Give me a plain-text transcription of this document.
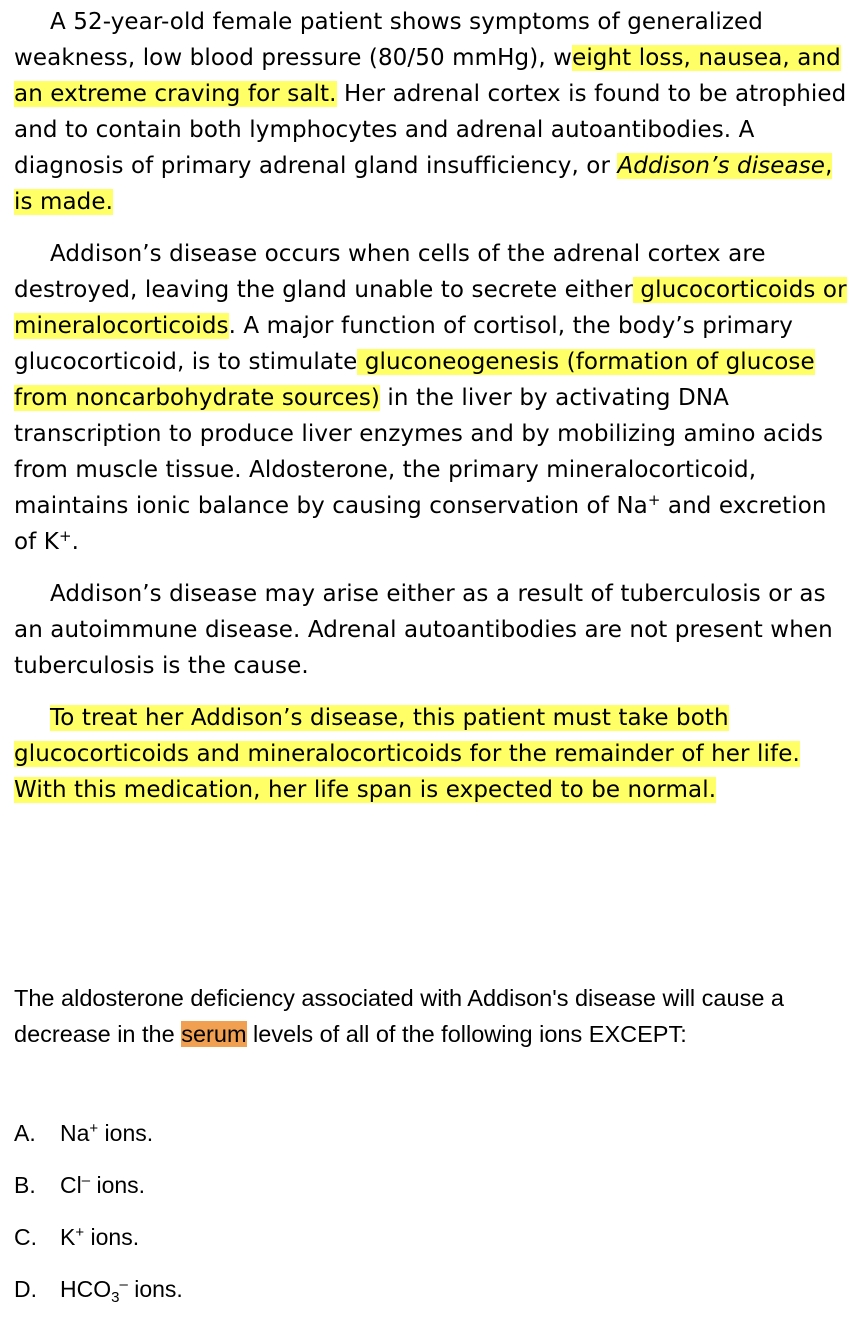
A 52-year-old female patient shows symptoms of generalized weakness, low blood pressure (80/50 mmHg), weight loss, nausea, and an extreme craving for salt. Her adrenal cortex is found to be atrophied and to contain both lymphocytes and adrenal autoantibodies. A diagnosis of primary adrenal gland insufficiency, or Addison’s disease, is made.

Addison’s disease occurs when cells of the adrenal cortex are destroyed, leaving the gland unable to secrete either glucocorticoids or mineralocorticoids. A major function of cortisol, the body’s primary glucocorticoid, is to stimulate gluconeogenesis (formation of glucose from noncarbohydrate sources) in the liver by activating DNA transcription to produce liver enzymes and by mobilizing amino acids from muscle tissue. Aldosterone, the primary mineralocorticoid, maintains ionic balance by causing conservation of Na+ and excretion of K+.

Addison’s disease may arise either as a result of tuberculosis or as an autoimmune disease. Adrenal autoantibodies are not present when tuberculosis is the cause.

To treat her Addison’s disease, this patient must take both glucocorticoids and mineralocorticoids for the remainder of her life. With this medication, her life span is expected to be normal.

The aldosterone deficiency associated with Addison's disease will cause a decrease in the serum levels of all of the following ions EXCEPT:
A.	Na+ ions.
B.	Cl– ions.
C.	K+ ions.
D.	$HCO_3^-$ ions.
